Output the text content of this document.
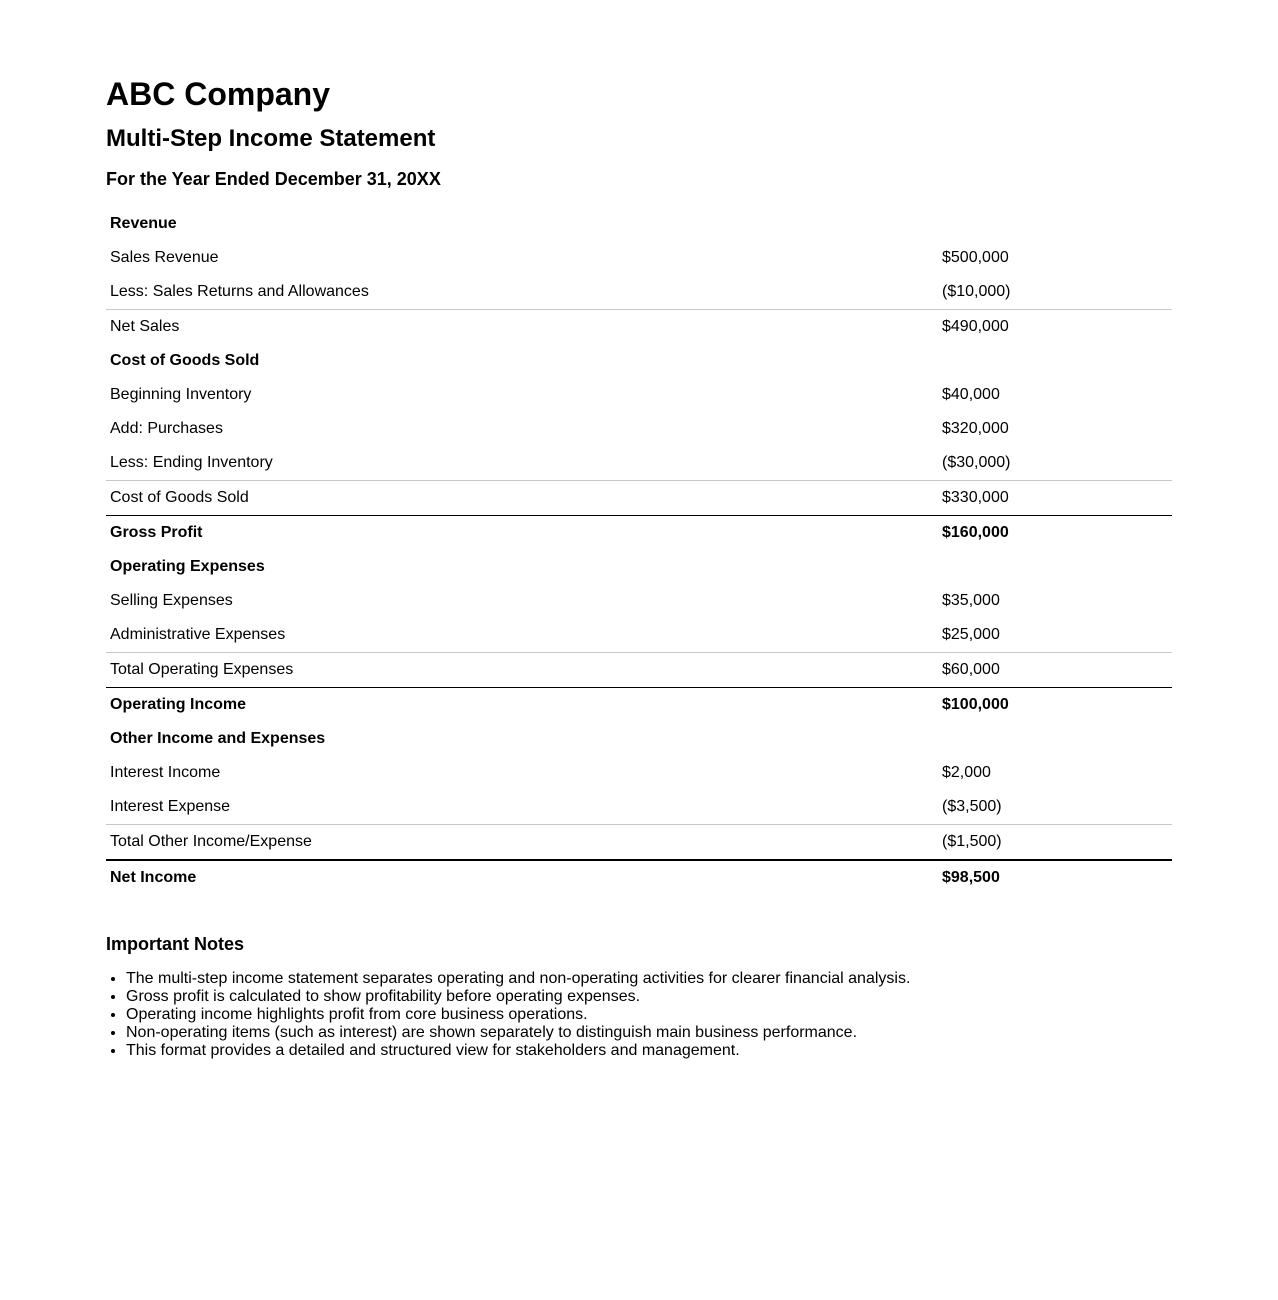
ABC Company
Multi-Step Income Statement
For the Year Ended December 31, 20XX
Revenue	
Sales Revenue	$500,000
Less: Sales Returns and Allowances	($10,000)
Net Sales	$490,000
Cost of Goods Sold	
Beginning Inventory	$40,000
Add: Purchases	$320,000
Less: Ending Inventory	($30,000)
Cost of Goods Sold	$330,000
Gross Profit	$160,000
Operating Expenses	
Selling Expenses	$35,000
Administrative Expenses	$25,000
Total Operating Expenses	$60,000
Operating Income	$100,000
Other Income and Expenses	
Interest Income	$2,000
Interest Expense	($3,500)
Total Other Income/Expense	($1,500)
Net Income	$98,500
Important Notes
• The multi-step income statement separates operating and non-operating activities for clearer financial analysis.
• Gross profit is calculated to show profitability before operating expenses.
• Operating income highlights profit from core business operations.
• Non-operating items (such as interest) are shown separately to distinguish main business performance.
• This format provides a detailed and structured view for stakeholders and management.
